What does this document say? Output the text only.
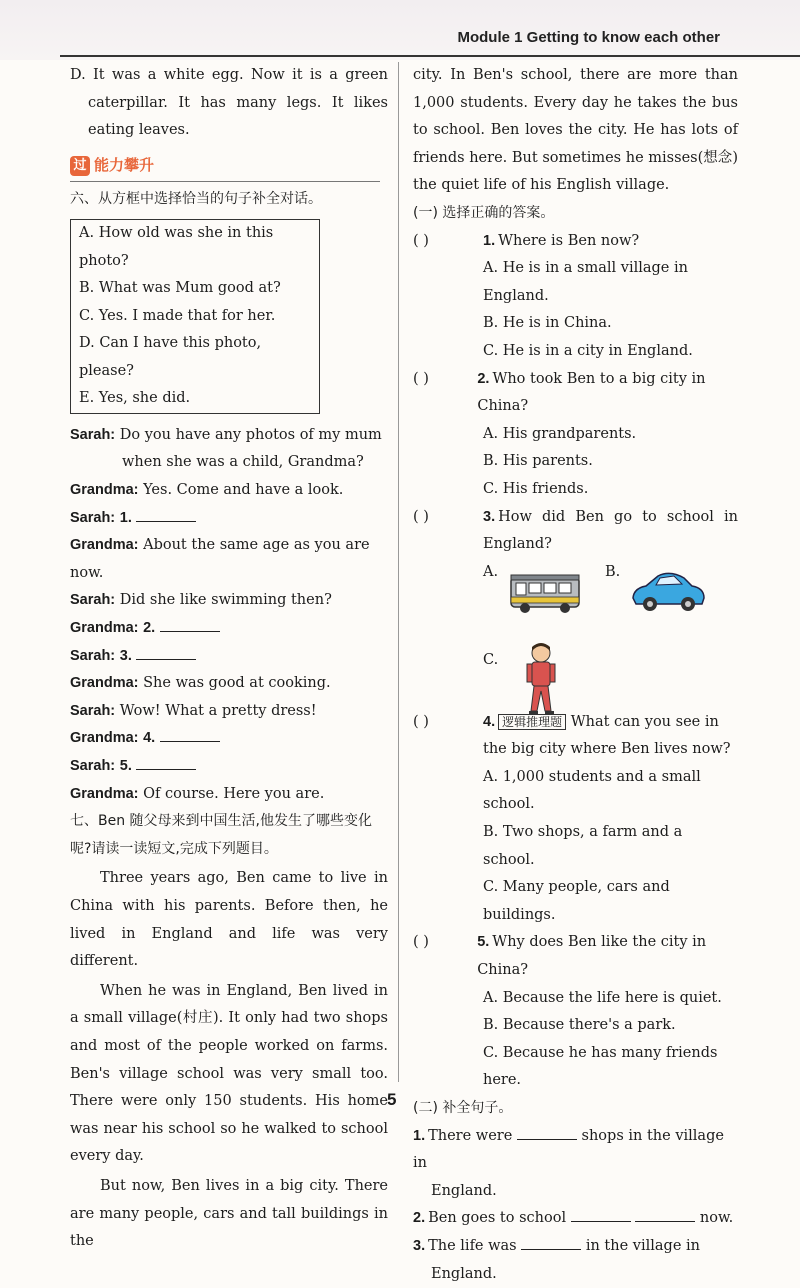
Module 1 Getting to know each other

D. It was a white egg. Now it is a green caterpillar. It has many legs. It likes eating leaves.

过 能力攀升

六、从方框中选择恰当的句子补全对话。

A. How old was she in this photo?

B. What was Mum good at?

C. Yes. I made that for her.

D. Can I have this photo, please?

E. Yes, she did.

Sarah: Do you have any photos of my mum

when she was a child, Grandma?

Grandma: Yes. Come and have a look.

Sarah: 1.

Grandma: About the same age as you are now.

Sarah: Did she like swimming then?

Grandma: 2.

Sarah: 3.

Grandma: She was good at cooking.

Sarah: Wow! What a pretty dress!

Grandma: 4.

Sarah: 5.

Grandma: Of course. Here you are.

七、Ben 随父母来到中国生活,他发生了哪些变化呢?请读一读短文,完成下列题目。

Three years ago, Ben came to live in China with his parents. Before then, he lived in England and life was very different.

When he was in England, Ben lived in a small village(村庄). It only had two shops and most of the people worked on farms. Ben's village school was very small too. There were only 150 students. His home was near his school so he walked to school every day.

But now, Ben lives in a big city. There are many people, cars and tall buildings in the

city. In Ben's school, there are more than 1,000 students. Every day he takes the bus to school. Ben loves the city. He has lots of friends here. But sometimes he misses(想念) the quiet life of his English village.

(一) 选择正确的答案。

( )	1. Where is Ben now?

A. He is in a small village in England.

B. He is in China.

C. He is in a city in England.

( )	2. Who took Ben to a big city in China?

A. His grandparents.

B. His parents.

C. His friends.

( )	3. How did Ben go to school in England?
A.	B.
C.
( )	4. 逻辑推理题 What can you see in the big city where Ben lives now?

A. 1,000 students and a small school.

B. Two shops, a farm and a school.

C. Many people, cars and buildings.

( )	5. Why does Ben like the city in China?

A. Because the life here is quiet.

B. Because there's a park.

C. Because he has many friends here.

(二) 补全句子。

1. There were	shops in the village in

England.

2. Ben goes to school	now.

3. The life was	in the village in

England.

5
